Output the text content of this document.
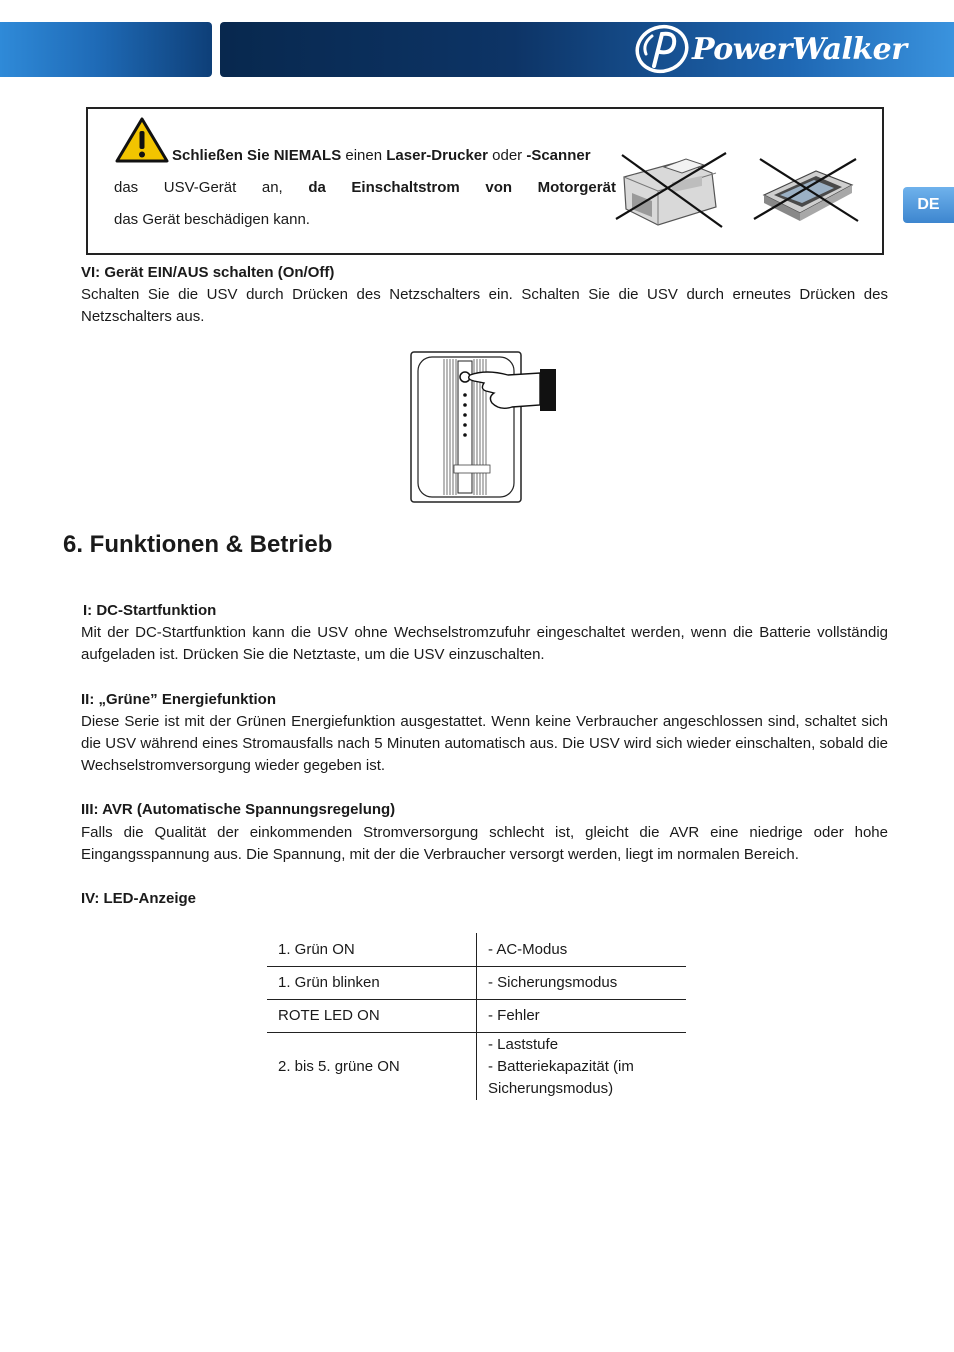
PowerWalker
DE
Schließen Sie NIEMALS einen Laser-Drucker oder -Scanner
das USV-Gerät an, da Einschaltstrom von Motorgerät
das Gerät beschädigen kann.
VI: Gerät EIN/AUS schalten (On/Off)
Schalten Sie die USV durch Drücken des Netzschalters ein. Schalten Sie die USV durch erneutes Drücken des Netzschalters aus.
6. Funktionen & Betrieb
I: DC-Startfunktion
Mit der DC-Startfunktion kann die USV ohne Wechselstromzufuhr eingeschaltet werden, wenn die Batterie vollständig aufgeladen ist. Drücken Sie die Netztaste, um die USV einzuschalten.
II: „Grüne” Energiefunktion
Diese Serie ist mit der Grünen Energiefunktion ausgestattet. Wenn keine Verbraucher angeschlossen sind, schaltet sich die USV während eines Stromausfalls nach 5 Minuten automatisch aus. Die USV wird sich wieder einschalten, sobald die Wechselstromversorgung wieder gegeben ist.
III: AVR (Automatische Spannungsregelung)
Falls die Qualität der einkommenden Stromversorgung schlecht ist, gleicht die AVR eine niedrige oder hohe Eingangsspannung aus. Die Spannung, mit der die Verbraucher versorgt werden, liegt im normalen Bereich.
IV: LED-Anzeige
1. Grün ON	- AC-Modus
1. Grün blinken	- Sicherungsmodus
ROTE LED ON	- Fehler
2. bis 5. grüne ON	- Laststufe
- Batteriekapazität (im
Sicherungsmodus)
